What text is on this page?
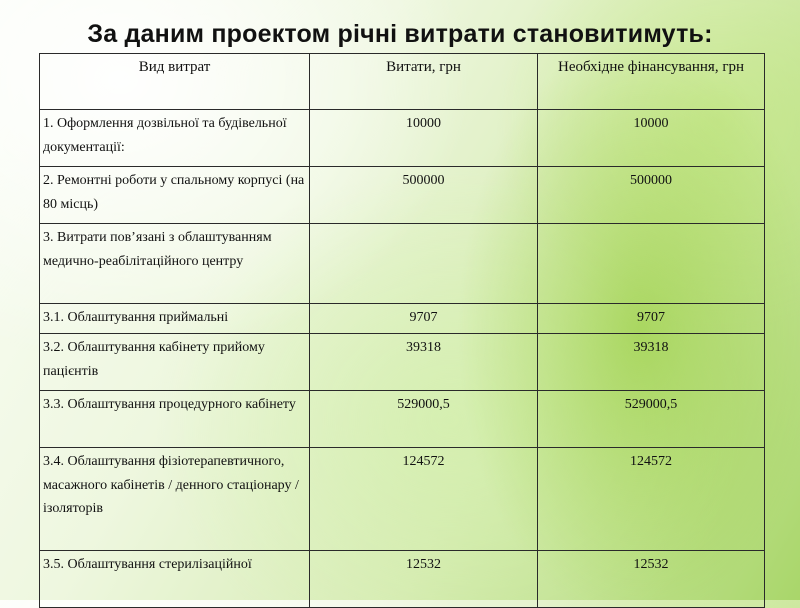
За даним проектом річні витрати становитимуть:
Вид витрат	Витати, грн	Необхідне фінансування, грн
1. Оформлення дозвільної та будівельної документації:	10000	10000
2. Ремонтні роботи у спальному корпусі (на 80 місць)	500000	500000
3. Витрати пов’язані з облаштуванням медично-реабілітаційного центру		
3.1. Облаштування приймальні	9707	9707
3.2. Облаштування кабінету прийому пацієнтів	39318	39318
3.3. Облаштування процедурного кабінету	529000,5	529000,5
3.4. Облаштування фізіотерапевтичного, масажного кабінетів / денного стаціонару / ізоляторів	124572	124572
3.5. Облаштування стерилізаційної	12532	12532
